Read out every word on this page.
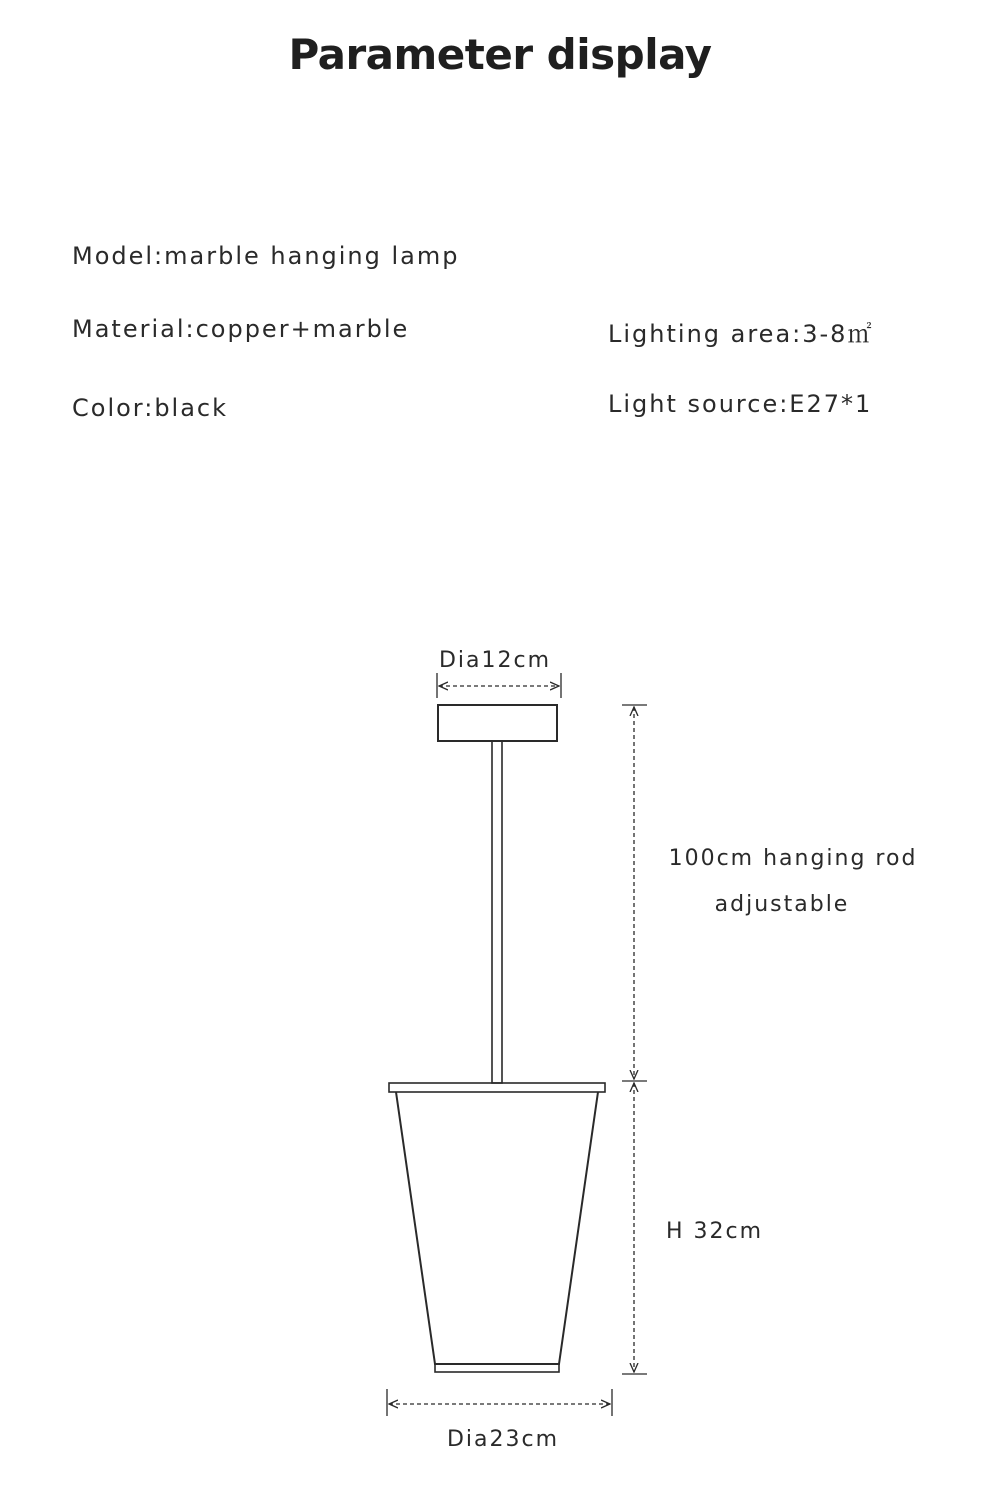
Parameter display
Model:marble hanging lamp
Material:copper+marble
Color:black
Lighting area:3-8㎡
Light source:E27*1
Dia12cm
100cm hanging rod
adjustable
H 32cm
Dia23cm
